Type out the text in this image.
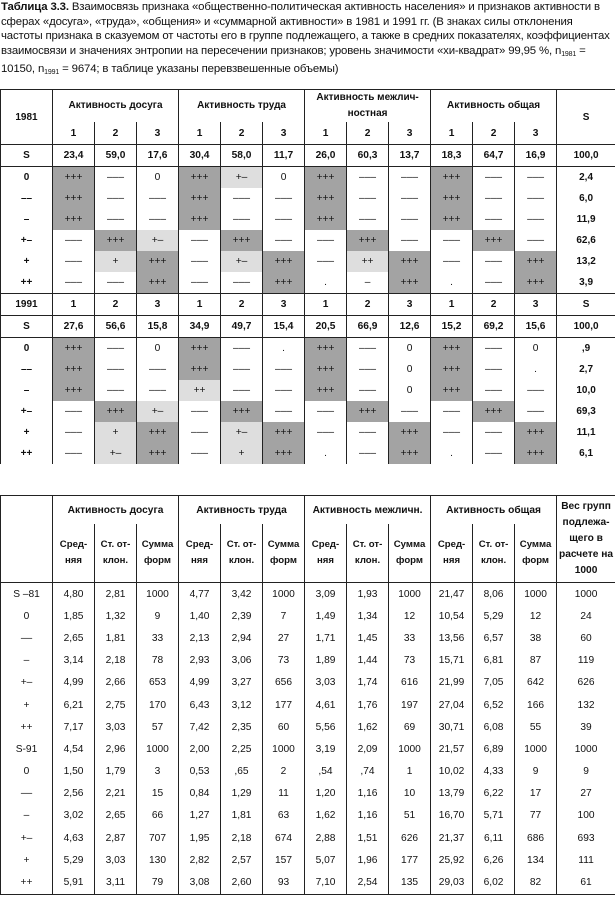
Таблица 3.3. Взаимосвязь признака «общественно-политическая активность населения» и признаков активности в сферах «досуга», «труда», «общения» и «суммарной активности» в 1981 и 1991 гг. (В знаках силы отклонения частоты признака в сказуемом от частоты его в группе подлежащего, а также в средних показателях, коэффициентах взаимосвязи и значениях энтропии на пересечении признаков; уровень значимости «хи-квадрат» 99,95 %, $n_{1981} = 10150$, $n_{1991} = 9674$; в таблице указаны перевзвешенные объемы)
1981	Активность досуга			Активность труда			Активность межлич-ностная			Активность общая			S
	1	2	3	1	2	3	1	2	3	1	2	3	
S	23,4	59,0	17,6	30,4	58,0	11,7	26,0	60,3	13,7	18,3	64,7	16,9	100,0
0	+++	–––	0	+++	+–	0	+++	–––	–––	+++	–––	–––	2,4
––	+++	–––	–––	+++	–––	–––	+++	–––	–––	+++	–––	–––	6,0
–	+++	–––	–––	+++	–––	–––	+++	–––	–––	+++	–––	–––	11,9
+–	–––	+++	+–	–––	+++	–––	–––	+++	–––	–––	+++	–––	62,6
+	–––	+	+++	–––	+–	+++	–––	++	+++	–––	–––	+++	13,2
++	–––	–––	+++	–––	–––	+++	.	–	+++	.	–––	+++	3,9
1991	1	2	3	1	2	3	1	2	3	1	2	3	S
S	27,6	56,6	15,8	34,9	49,7	15,4	20,5	66,9	12,6	15,2	69,2	15,6	100,0
0	+++	–––	0	+++	–––	.	+++	–––	0	+++	–––	0	,9
––	+++	–––	–––	+++	–––	–––	+++	–––	0	+++	–––	.	2,7
–	+++	–––	–––	++	–––	–––	+++	–––	0	+++	–––	–––	10,0
+–	–––	+++	+–	–––	+++	–––	–––	+++	–––	–––	+++	–––	69,3
+	–––	+	+++	–––	+–	+++	–––	–––	+++	–––	–––	+++	11,1
++	–––	+–	+++	–––	+	+++	.	–––	+++	.	–––	+++	6,1
	Активность досуга			Активность труда			Активность межличн.			Активность общая			Вес групп подлежа-щего в расчете на 1000
	Сред-няя	Ст. от-клон.	Сумма форм	Сред-няя	Ст. от-клон.	Сумма форм	Сред-няя	Ст. от-клон.	Сумма форм	Сред-няя	Ст. от-клон.	Сумма форм	
S –81	4,80	2,81	1000	4,77	3,42	1000	3,09	1,93	1000	21,47	8,06	1000	1000
0	1,85	1,32	9	1,40	2,39	7	1,49	1,34	12	10,54	5,29	12	24
––	2,65	1,81	33	2,13	2,94	27	1,71	1,45	33	13,56	6,57	38	60
–	3,14	2,18	78	2,93	3,06	73	1,89	1,44	73	15,71	6,81	87	119
+–	4,99	2,66	653	4,99	3,27	656	3,03	1,74	616	21,99	7,05	642	626
+	6,21	2,75	170	6,43	3,12	177	4,61	1,76	197	27,04	6,52	166	132
++	7,17	3,03	57	7,42	2,35	60	5,56	1,62	69	30,71	6,08	55	39
S-91	4,54	2,96	1000	2,00	2,25	1000	3,19	2,09	1000	21,57	6,89	1000	1000
0	1,50	1,79	3	0,53	,65	2	,54	,74	1	10,02	4,33	9	9
––	2,56	2,21	15	0,84	1,29	11	1,20	1,16	10	13,79	6,22	17	27
–	3,02	2,65	66	1,27	1,81	63	1,62	1,16	51	16,70	5,71	77	100
+–	4,63	2,87	707	1,95	2,18	674	2,88	1,51	626	21,37	6,11	686	693
+	5,29	3,03	130	2,82	2,57	157	5,07	1,96	177	25,92	6,26	134	111
++	5,91	3,11	79	3,08	2,60	93	7,10	2,54	135	29,03	6,02	82	61
